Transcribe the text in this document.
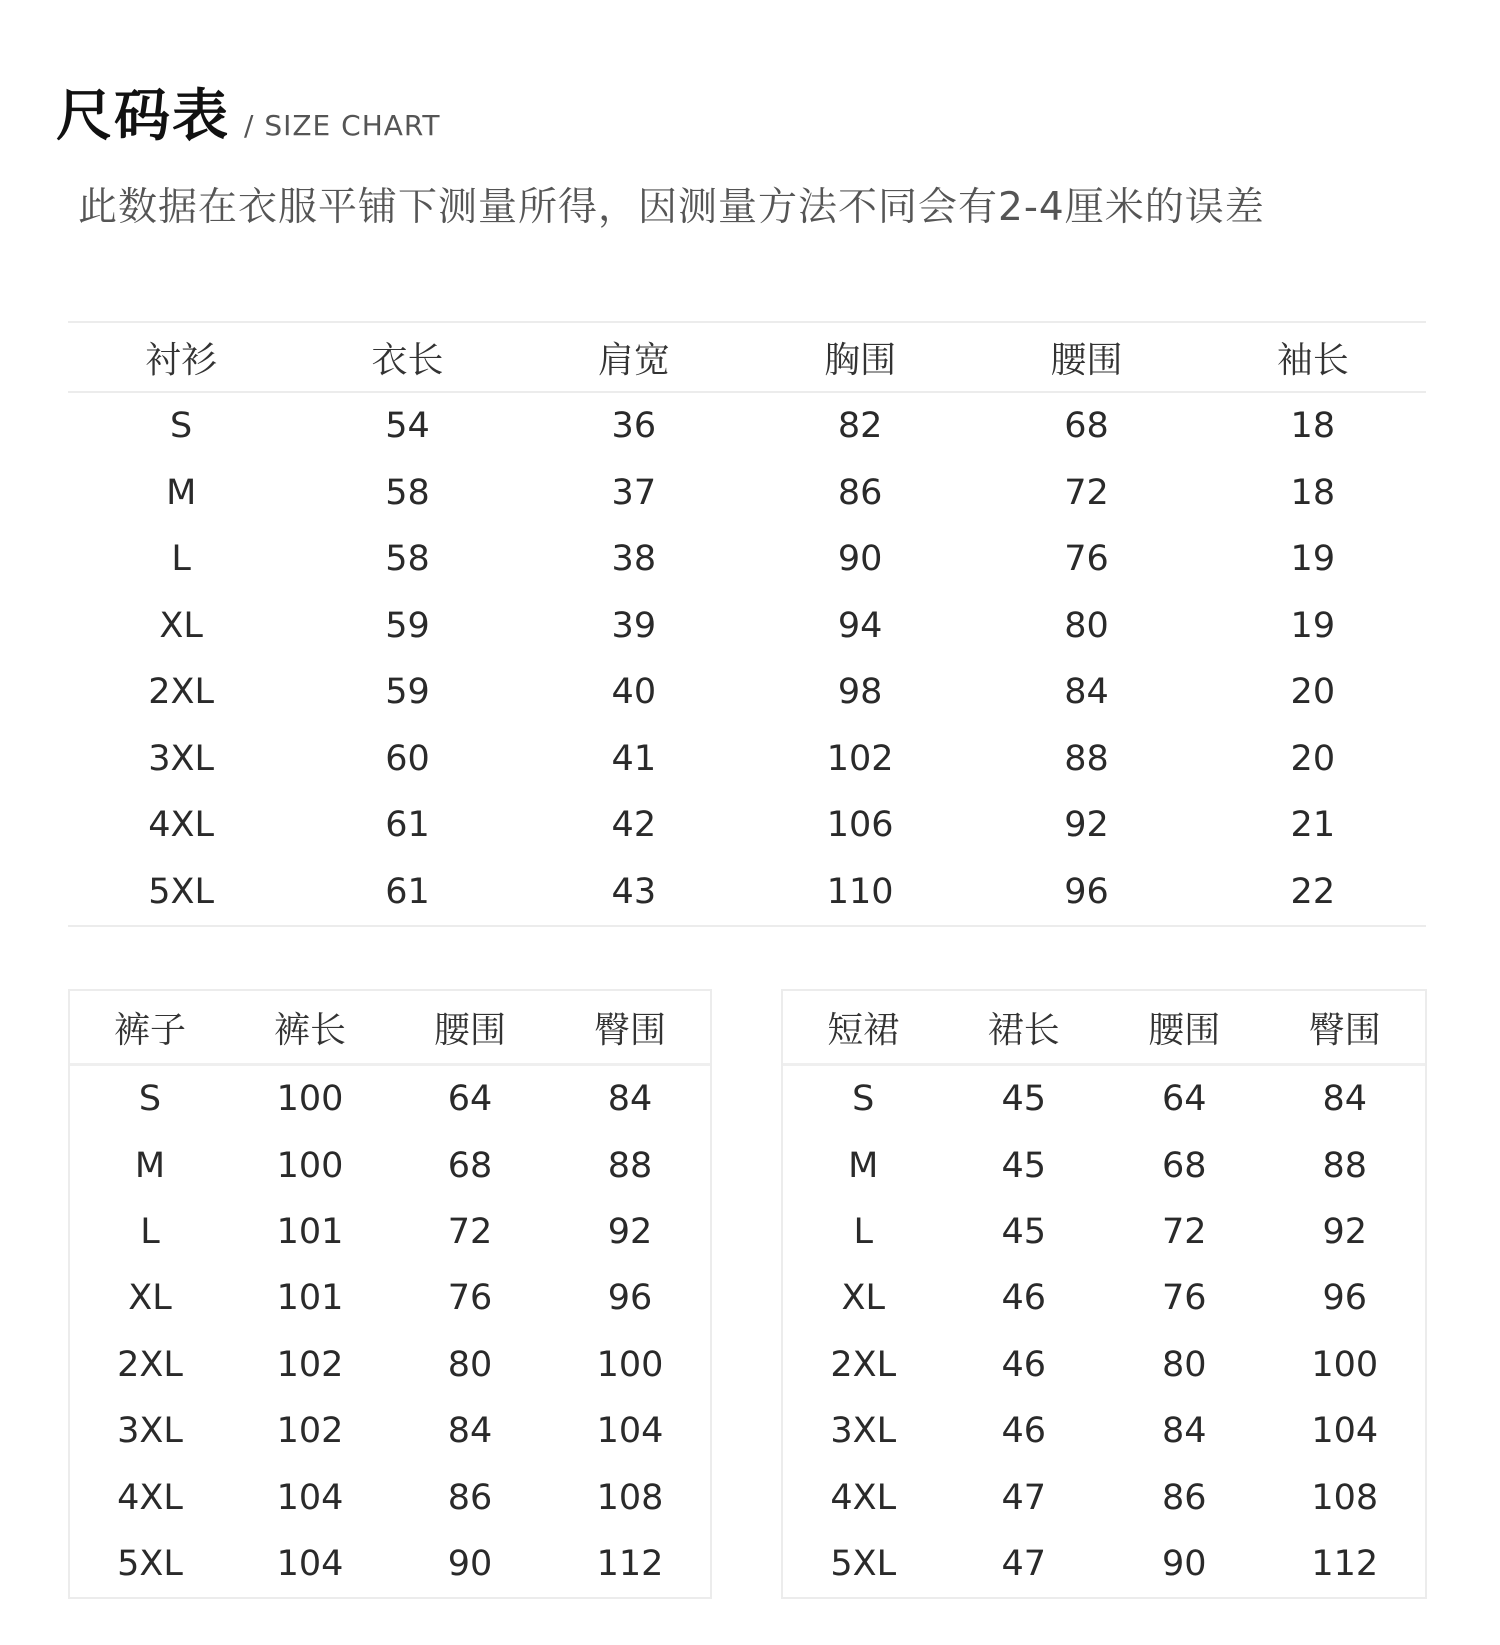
尺码表 / SIZE CHART
此数据在衣服平铺下测量所得，因测量方法不同会有2-4厘米的误差
衬衫	衣长	肩宽	胸围	腰围	袖长
S	54	36	82	68	18
M	58	37	86	72	18
L	58	38	90	76	19
XL	59	39	94	80	19
2XL	59	40	98	84	20
3XL	60	41	102	88	20
4XL	61	42	106	92	21
5XL	61	43	110	96	22
裤子	裤长	腰围	臀围
S	100	64	84
M	100	68	88
L	101	72	92
XL	101	76	96
2XL	102	80	100
3XL	102	84	104
4XL	104	86	108
5XL	104	90	112
短裙	裙长	腰围	臀围
S	45	64	84
M	45	68	88
L	45	72	92
XL	46	76	96
2XL	46	80	100
3XL	46	84	104
4XL	47	86	108
5XL	47	90	112
